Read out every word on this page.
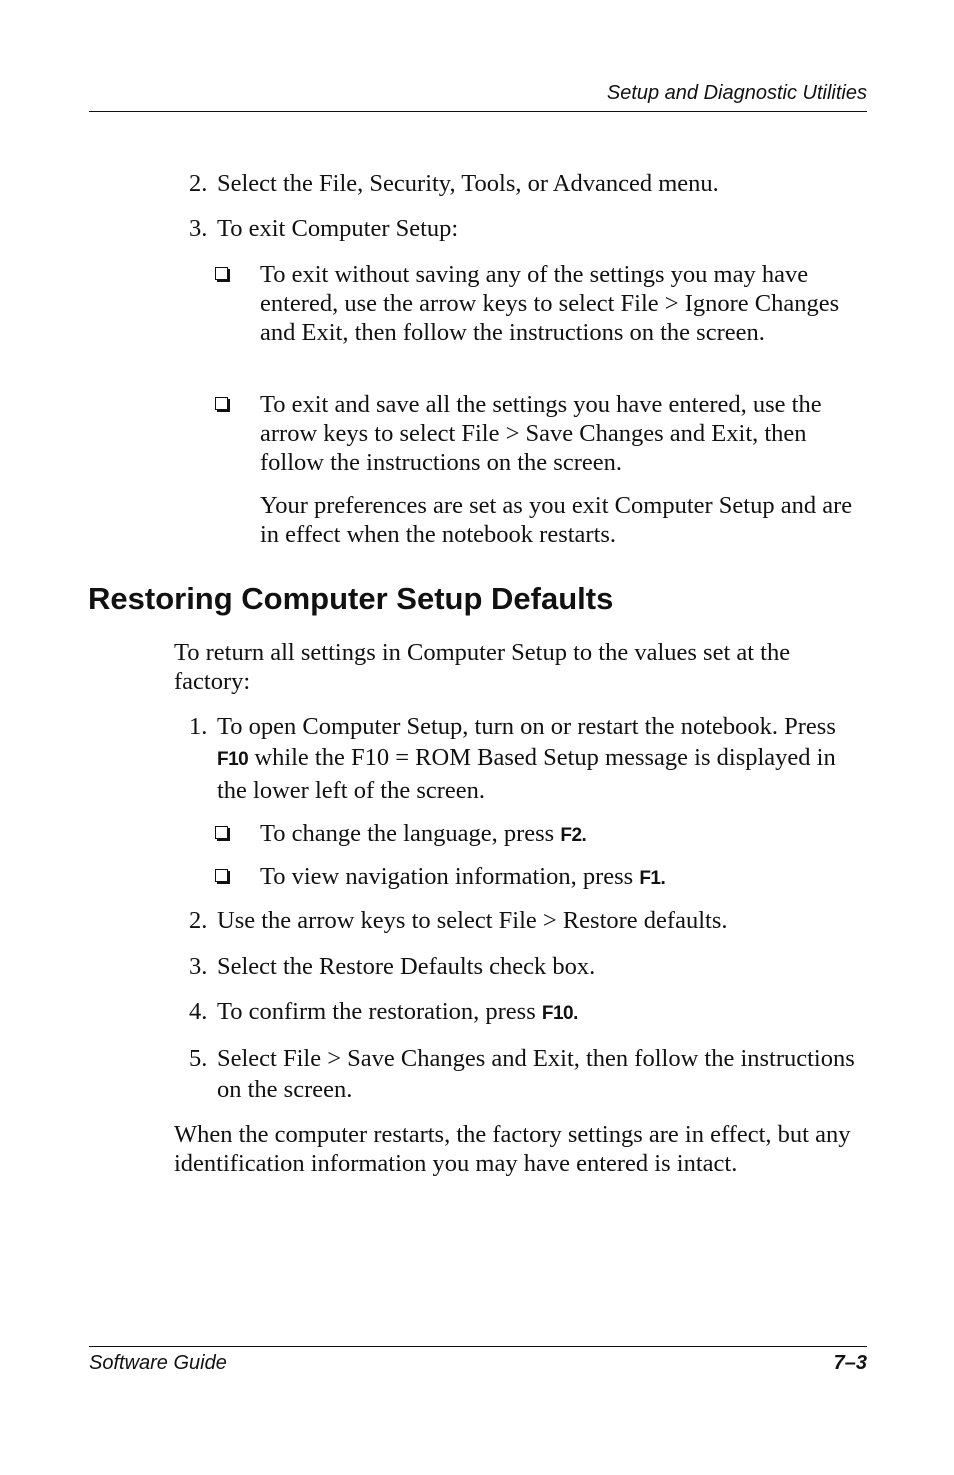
Setup and Diagnostic Utilities
2. Select the File, Security, Tools, or Advanced menu.
3. To exit Computer Setup:
To exit without saving any of the settings you may have entered, use the arrow keys to select File > Ignore Changes and Exit, then follow the instructions on the screen.
To exit and save all the settings you have entered, use the arrow keys to select File > Save Changes and Exit, then follow the instructions on the screen.
Your preferences are set as you exit Computer Setup and are in effect when the notebook restarts.
Restoring Computer Setup Defaults
To return all settings in Computer Setup to the values set at the factory:
1. To open Computer Setup, turn on or restart the notebook. Press F10 while the F10 = ROM Based Setup message is displayed in the lower left of the screen.
To change the language, press F2.
To view navigation information, press F1.
2. Use the arrow keys to select File > Restore defaults.
3. Select the Restore Defaults check box.
4. To confirm the restoration, press F10.
5. Select File > Save Changes and Exit, then follow the instructions on the screen.
When the computer restarts, the factory settings are in effect, but any identification information you may have entered is intact.
Software Guide	7–3
